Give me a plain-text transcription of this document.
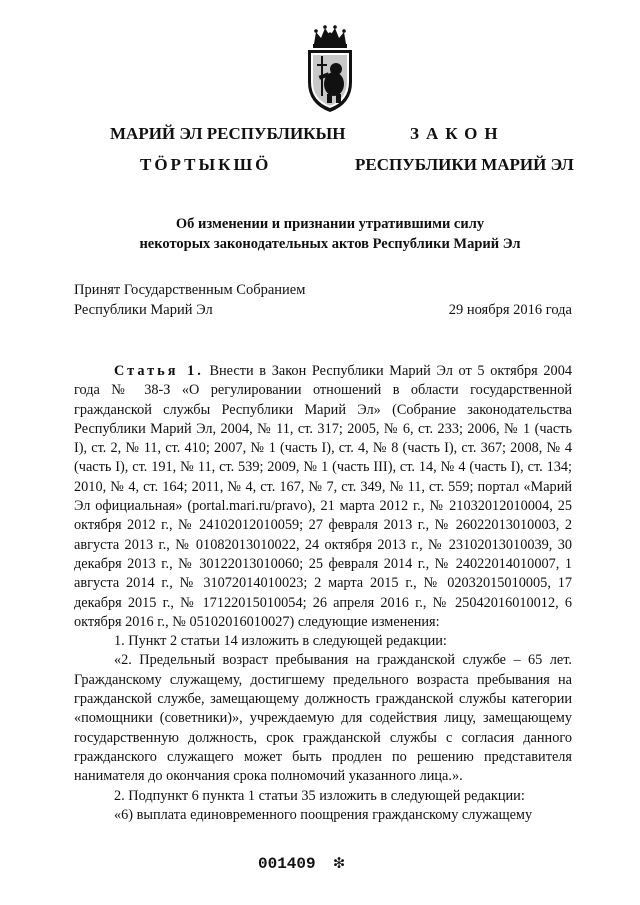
МАРИЙ ЭЛ РЕСПУБЛИКЫН
ТӦРТЫКШӦ
ЗАКОН
РЕСПУБЛИКИ МАРИЙ ЭЛ
Об изменении и признании утратившими силу
некоторых законодательных актов Республики Марий Эл
Принят Государственным Собранием
Республики Марий Эл	29 ноября 2016 года

Статья 1. Внести в Закон Республики Марий Эл от 5 октября 2004 года № 38-З «О регулировании отношений в области государственной гражданской службы Республики Марий Эл» (Собрание законодательства Республики Марий Эл, 2004, № 11, ст. 317; 2005, № 6, ст. 233; 2006, № 1 (часть I), ст. 2, № 11, ст. 410; 2007, № 1 (часть I), ст. 4, № 8 (часть I), ст. 367; 2008, № 4 (часть I), ст. 191, № 11, ст. 539; 2009, № 1 (часть III), ст. 14, № 4 (часть I), ст. 134; 2010, № 4, ст. 164; 2011, № 4, ст. 167, № 7, ст. 349, № 11, ст. 559; портал «Марий Эл официальная» (portal.mari.ru/pravo), 21 марта 2012 г., № 21032012010004, 25 октября 2012 г., № 24102012010059; 27 февраля 2013 г., № 26022013010003, 2 августа 2013 г., № 01082013010022, 24 октября 2013 г., № 23102013010039, 30 декабря 2013 г., № 30122013010060; 25 февраля 2014 г., № 24022014010007, 1 августа 2014 г., № 31072014010023; 2 марта 2015 г., № 02032015010005, 17 декабря 2015 г., № 17122015010054; 26 апреля 2016 г., № 25042016010012, 6 октября 2016 г., № 05102016010027) следующие изменения:

1. Пункт 2 статьи 14 изложить в следующей редакции:

«2. Предельный возраст пребывания на гражданской службе – 65 лет. Гражданскому служащему, достигшему предельного возраста пребывания на гражданской службе, замещающему должность гражданской службы категории «помощники (советники)», учреждаемую для содействия лицу, замещающему государственную должность, срок гражданской службы с согласия данного гражданского служащего может быть продлен по решению представителя нанимателя до окончания срока полномочий указанного лица.».

2. Подпункт 6 пункта 1 статьи 35 изложить в следующей редакции:

«6) выплата единовременного поощрения гражданскому служащему

001409 ❇
